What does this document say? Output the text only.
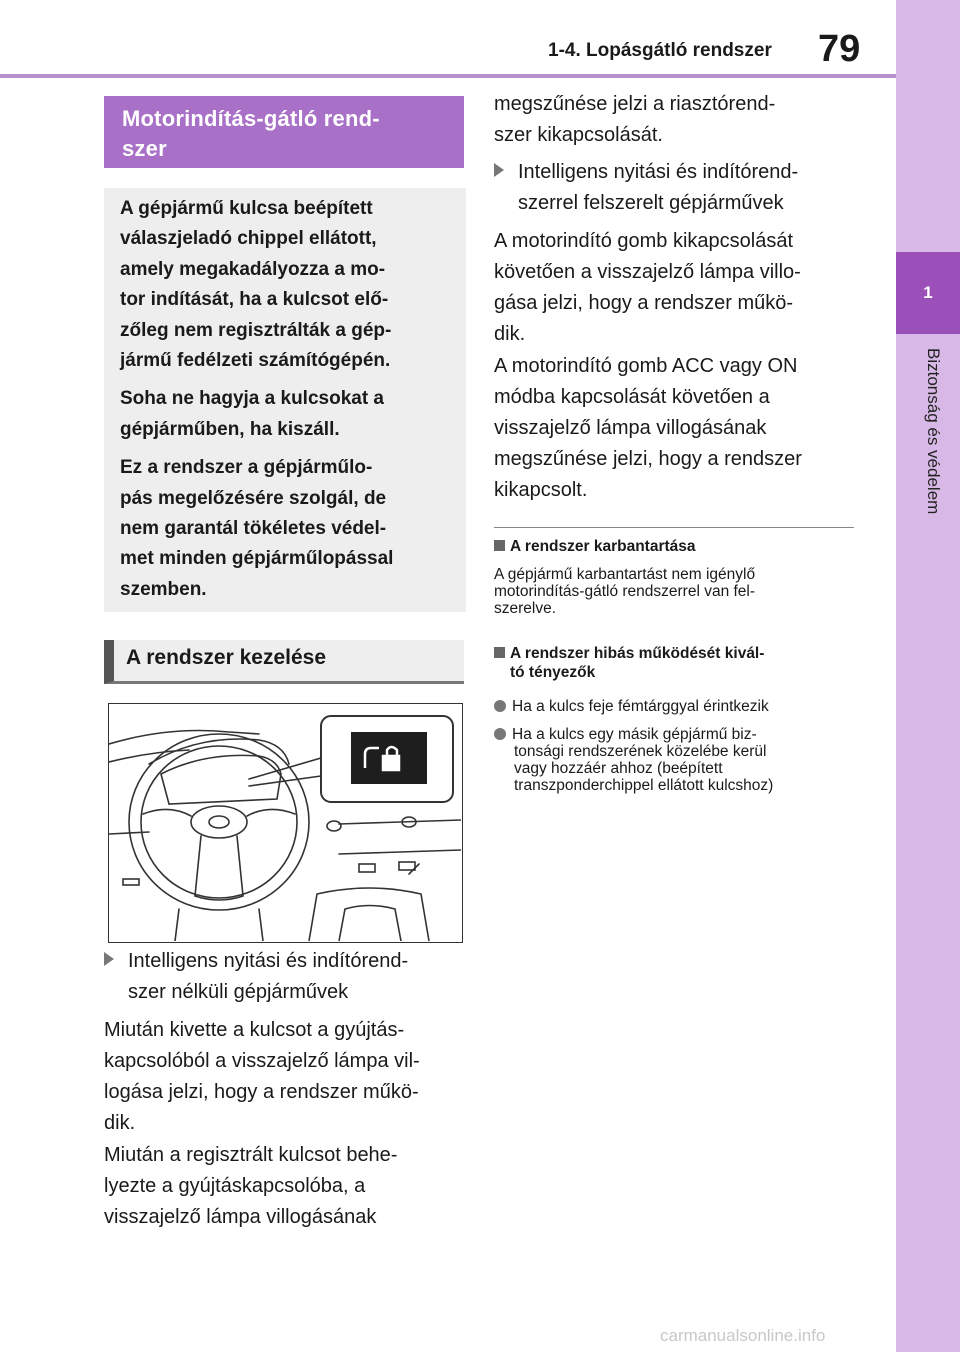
1-4. Lopásgátló rendszer 79
1
Biztonság és védelem
Motorindítás-gátló rend-
szer

A gépjármű kulcsa beépített
válaszjeladó chippel ellátott,
amely megakadályozza a mo-
tor indítását, ha a kulcsot elő-
zőleg nem regisztrálták a gép-
jármű fedélzeti számítógépén.

Soha ne hagyja a kulcsokat a
gépjárműben, ha kiszáll.

Ez a rendszer a gépjárműlo-
pás megelőzésére szolgál, de
nem garantál tökéletes védel-
met minden gépjárműlopással
szemben.

A rendszer kezelése
Intelligens nyitási és indítórend-
szer nélküli gépjárművek

Miután kivette a kulcsot a gyújtás-
kapcsolóból a visszajelző lámpa vil-
logása jelzi, hogy a rendszer műkö-
dik.

Miután a regisztrált kulcsot behe-
lyezte a gyújtáskapcsolóba, a
visszajelző lámpa villogásának

megszűnése jelzi a riasztórend-
szer kikapcsolását.

Intelligens nyitási és indítórend-
szerrel felszerelt gépjárművek

A motorindító gomb kikapcsolását
követően a visszajelző lámpa villo-
gása jelzi, hogy a rendszer műkö-
dik.

A motorindító gomb ACC vagy ON
módba kapcsolását követően a
visszajelző lámpa villogásának
megszűnése jelzi, hogy a rendszer
kikapcsolt.

A rendszer karbantartása
A gépjármű karbantartást nem igénylő
motorindítás-gátló rendszerrel van fel-
szerelve.
A rendszer hibás működését kivál-
tó tényezők
Ha a kulcs feje fémtárggyal érintkezik
Ha a kulcs egy másik gépjármű biz-
tonsági rendszerének közelébe kerül
vagy hozzáér ahhoz (beépített
transzponderchippel ellátott kulcshoz)
carmanualsonline.info
